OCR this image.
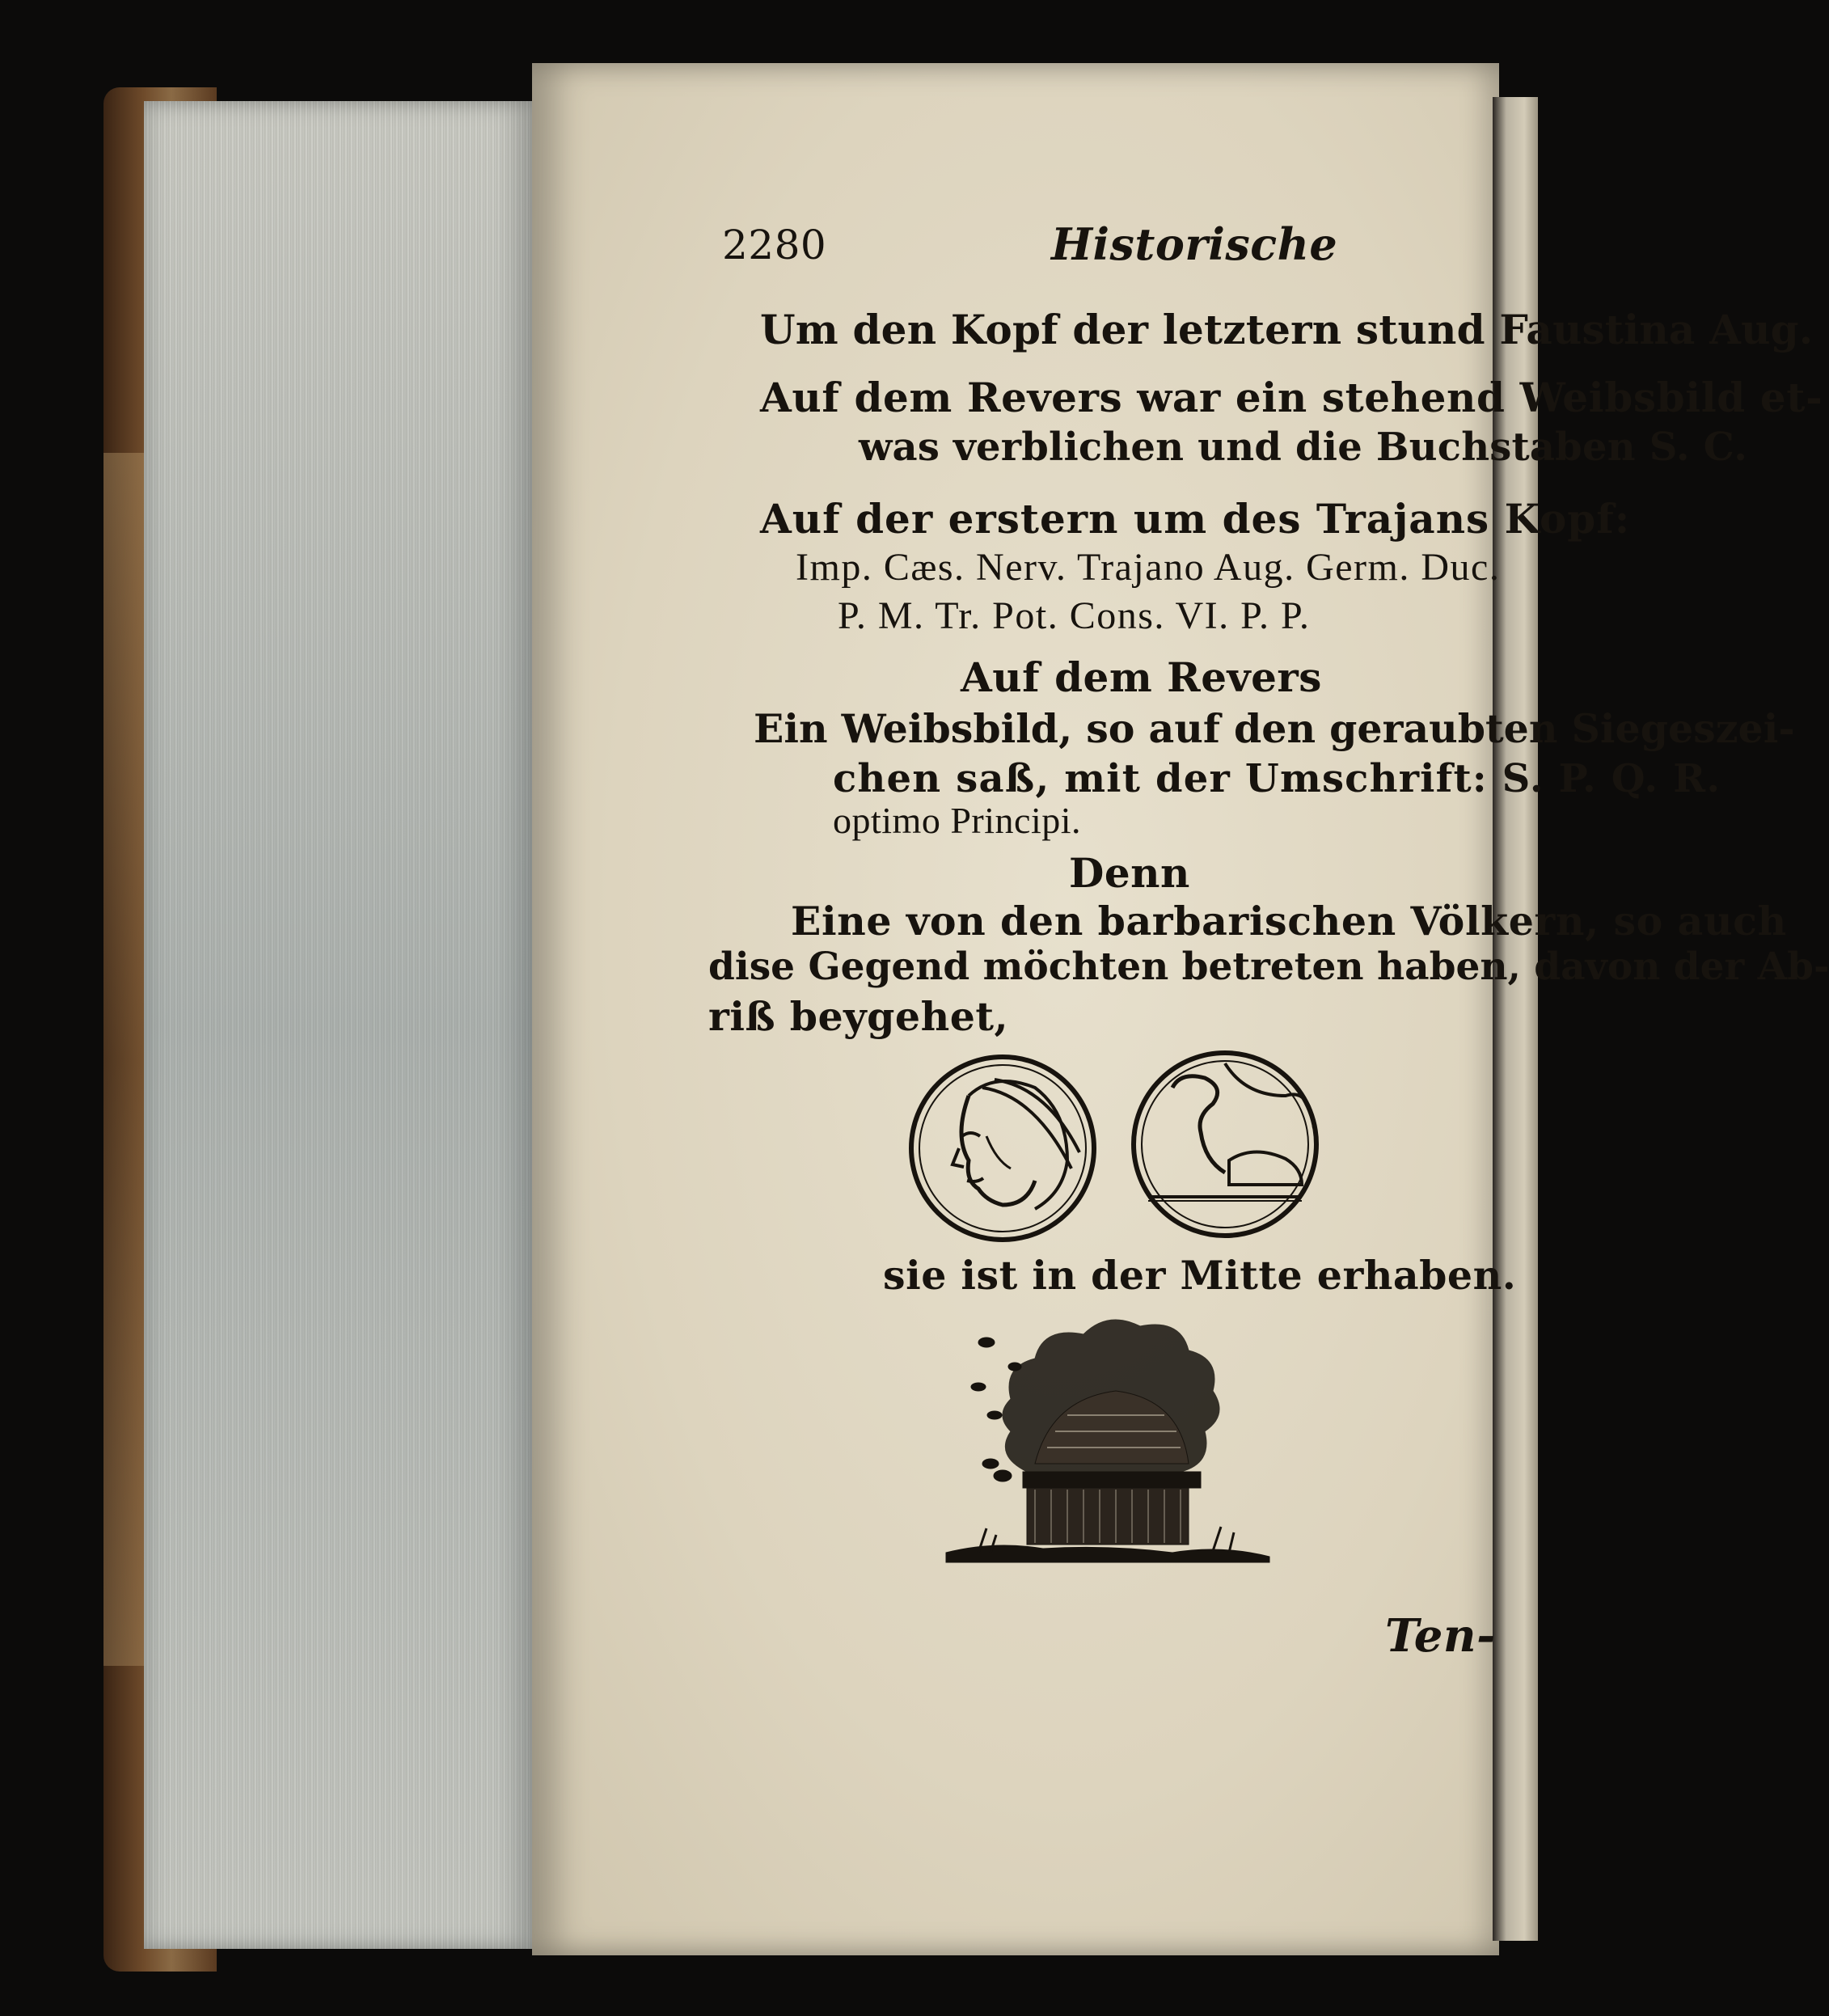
2280	Historische
Um den Kopf der letztern stund Faustina Aug.
Auf dem Revers war ein stehend Weibsbild et-
was verblichen und die Buchstaben S. C.
Auf der erstern um des Trajans Kopf:
Imp. Cæs. Nerv. Trajano Aug. Germ. Duc.
P. M. Tr. Pot. Cons. VI. P. P.
Auf dem Revers
Ein Weibsbild, so auf den geraubten Siegeszei-
chen saß, mit der Umschrift: S. P. Q. R.
optimo Principi.
Denn
Eine von den barbarischen Völkern, so auch
dise Gegend möchten betreten haben, davon der Ab-
riß beygehet,
sie ist in der Mitte erhaben.
Ten-
